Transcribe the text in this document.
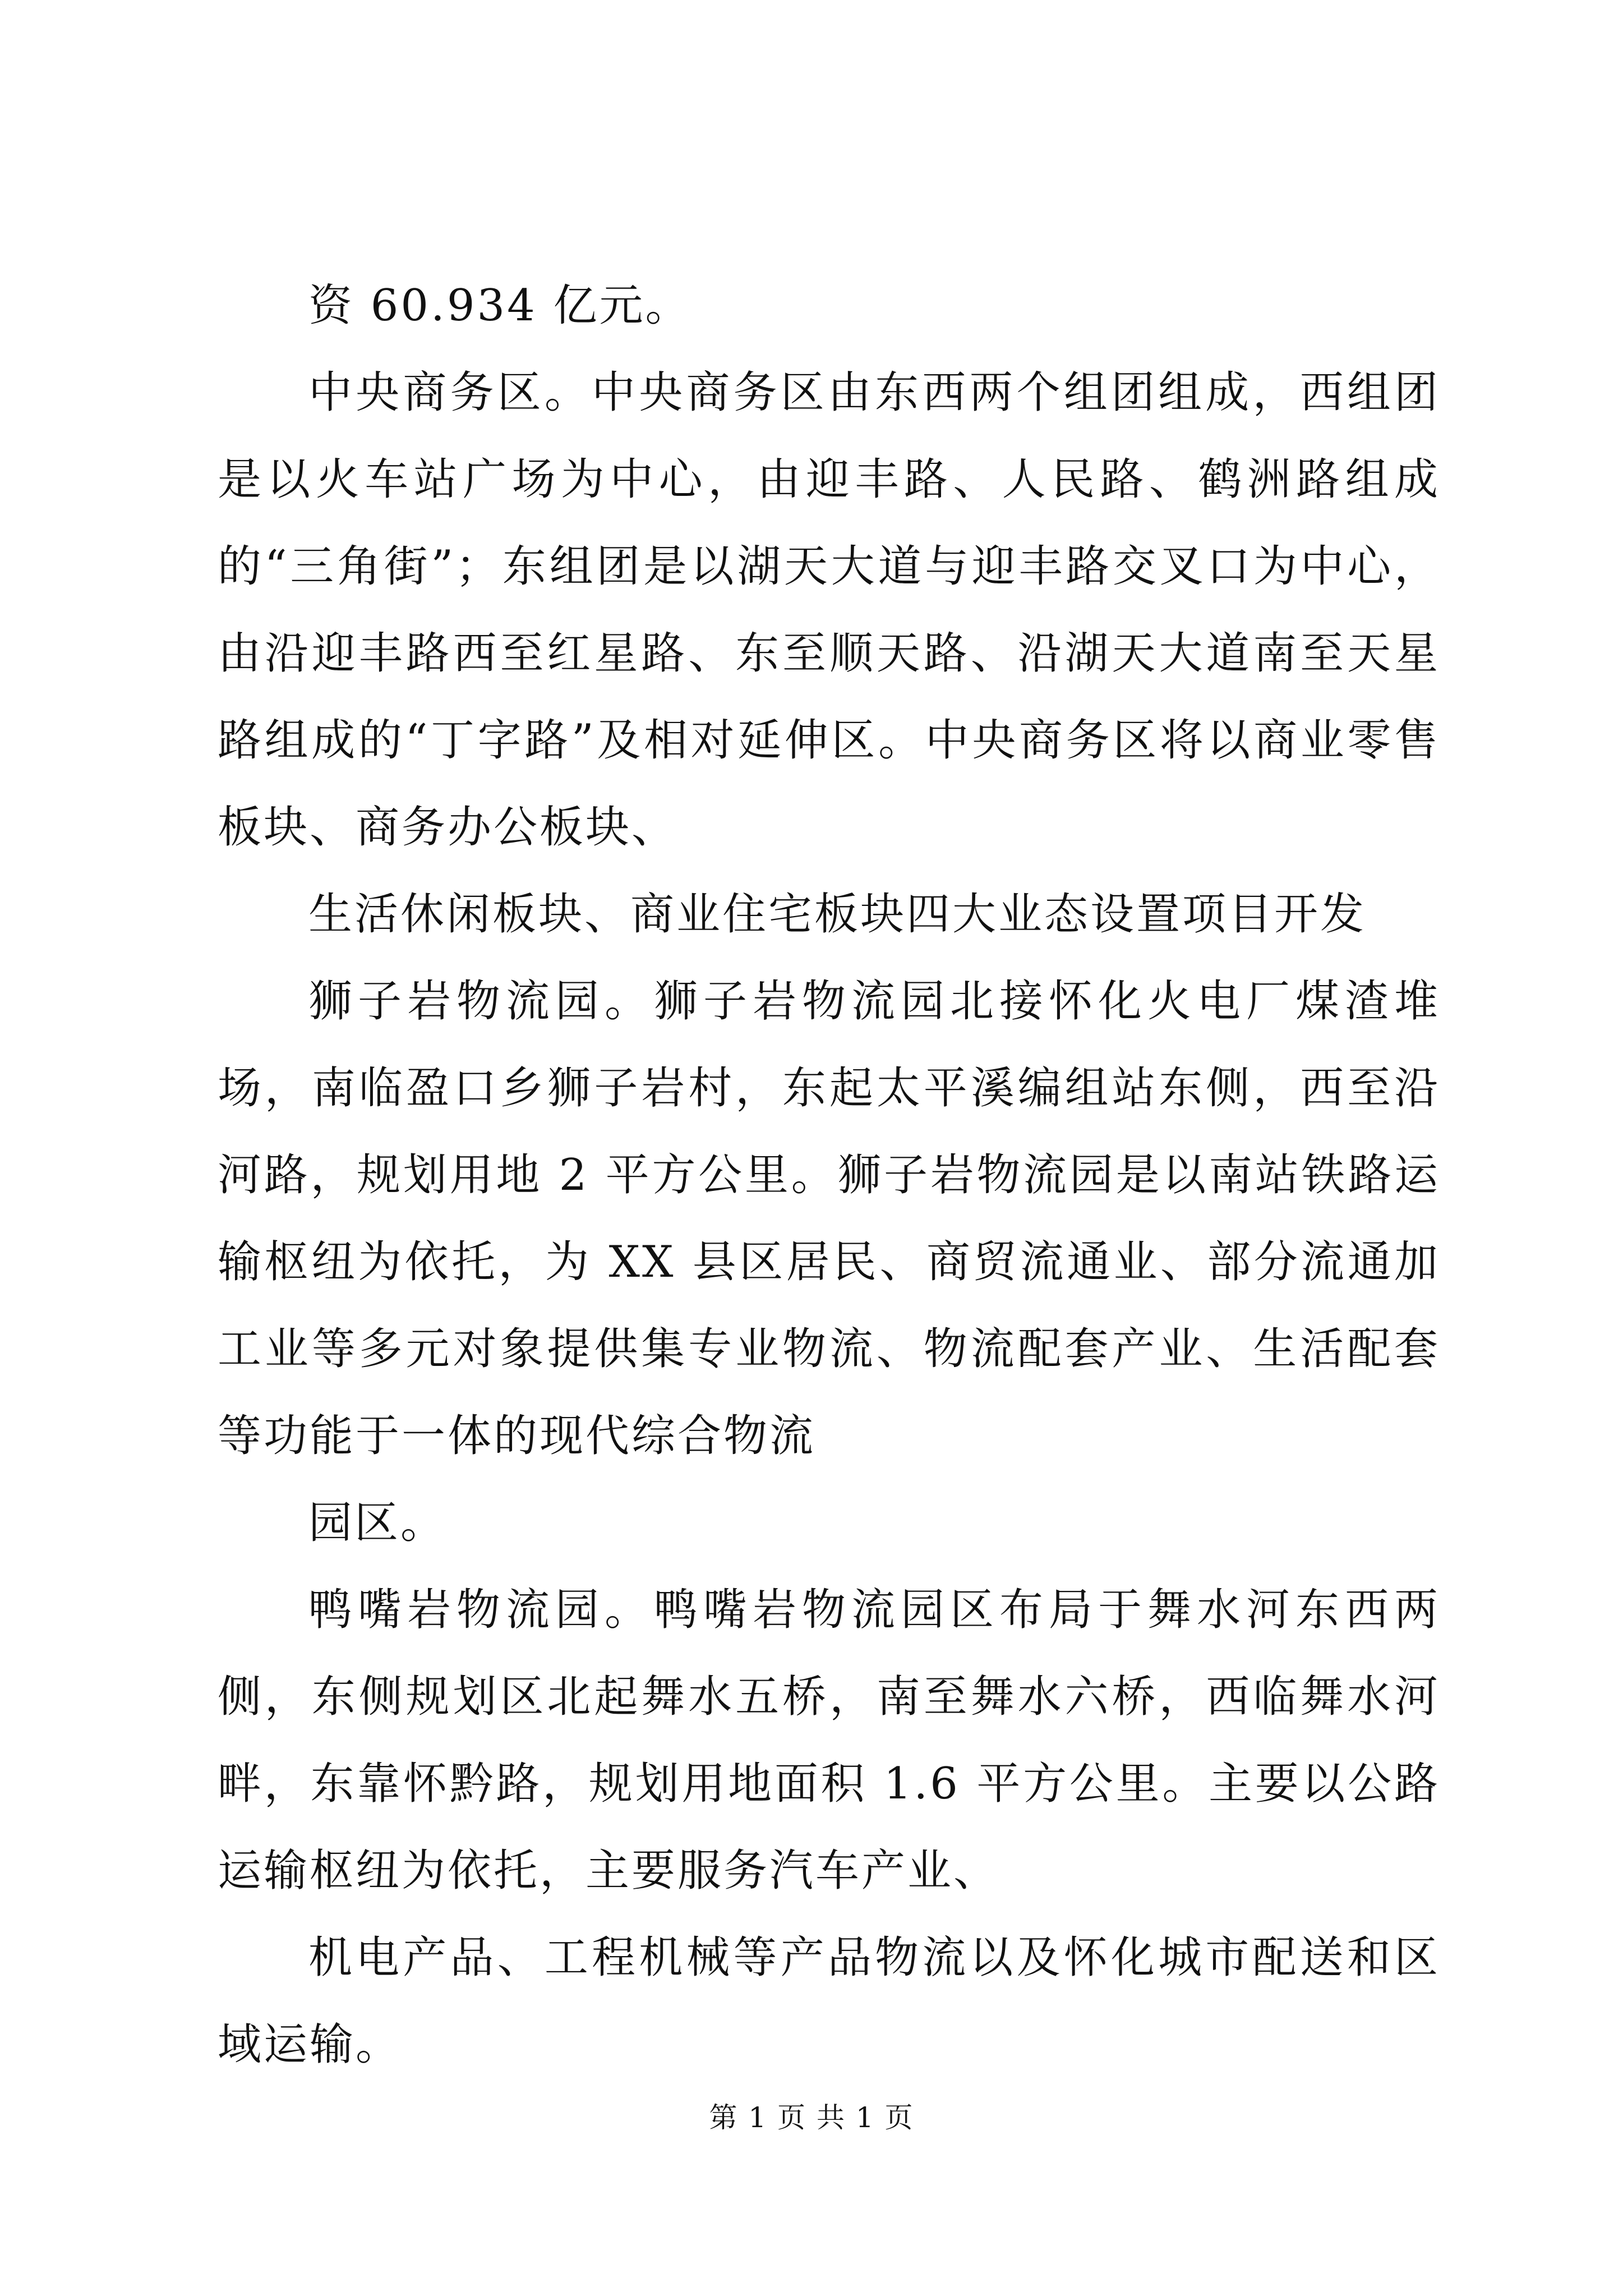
资 60.934 亿元。

中央商务区。中央商务区由东西两个组团组成，西组团是以火车站广场为中心，由迎丰路、人民路、鹤洲路组成的“三角街”；东组团是以湖天大道与迎丰路交叉口为中心，由沿迎丰路西至红星路、东至顺天路、沿湖天大道南至天星路组成的“丁字路”及相对延伸区。中央商务区将以商业零售板块、商务办公板块、

生活休闲板块、商业住宅板块四大业态设置项目开发

狮子岩物流园。狮子岩物流园北接怀化火电厂煤渣堆场，南临盈口乡狮子岩村，东起太平溪编组站东侧，西至沿河路，规划用地 2 平方公里。狮子岩物流园是以南站铁路运输枢纽为依托，为 XX 县区居民、商贸流通业、部分流通加工业等多元对象提供集专业物流、物流配套产业、生活配套等功能于一体的现代综合物流

园区。

鸭嘴岩物流园。鸭嘴岩物流园区布局于舞水河东西两侧，东侧规划区北起舞水五桥，南至舞水六桥，西临舞水河畔，东靠怀黔路，规划用地面积 1.6 平方公里。主要以公路运输枢纽为依托，主要服务汽车产业、

机电产品、工程机械等产品物流以及怀化城市配送和区域运输。

第 1 页 共 1 页
